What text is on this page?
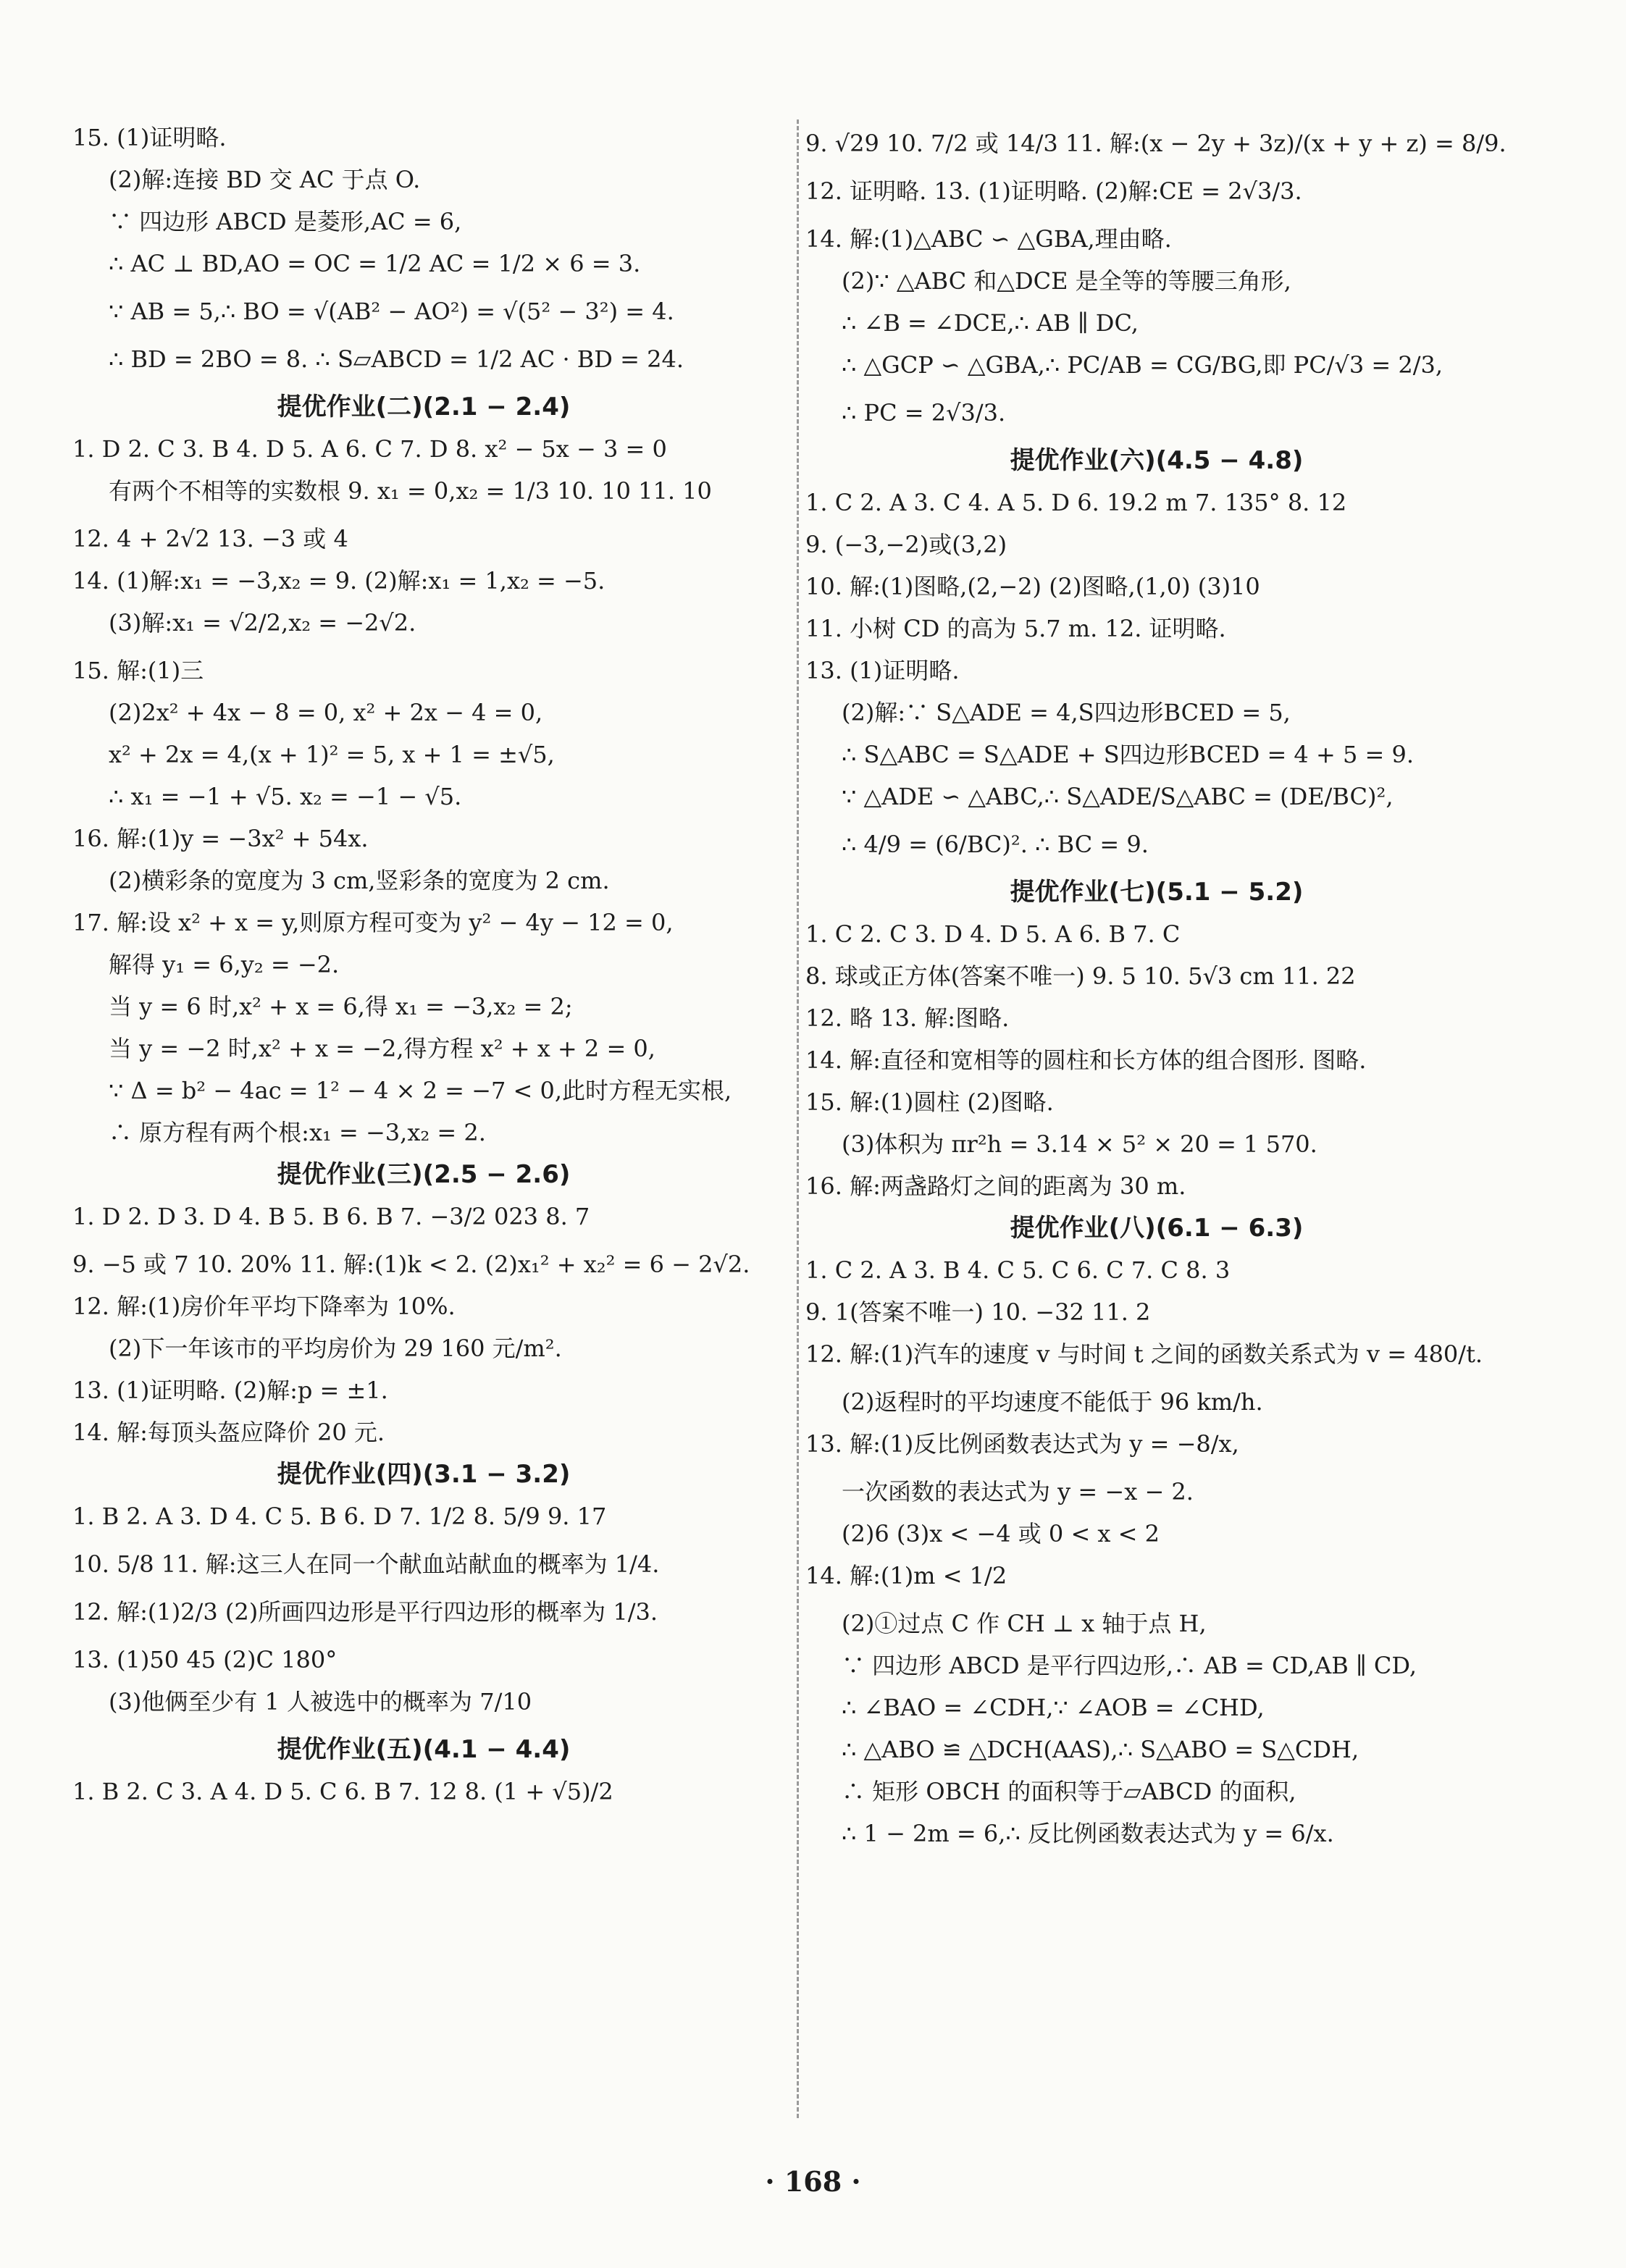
15. (1)证明略.
(2)解:连接 BD 交 AC 于点 O.
∵ 四边形 ABCD 是菱形,AC = 6,
∴ AC ⊥ BD,AO = OC = 1/2 AC = 1/2 × 6 = 3.
∵ AB = 5,∴ BO = √(AB² − AO²) = √(5² − 3²) = 4.
∴ BD = 2BO = 8. ∴ S▱ABCD = 1/2 AC · BD = 24.
提优作业(二)(2.1 − 2.4)
1. D 2. C 3. B 4. D 5. A 6. C 7. D 8. x² − 5x − 3 = 0
有两个不相等的实数根 9. x₁ = 0,x₂ = 1/3 10. 10 11. 10
12. 4 + 2√2 13. −3 或 4
14. (1)解:x₁ = −3,x₂ = 9. (2)解:x₁ = 1,x₂ = −5.
(3)解:x₁ = √2/2,x₂ = −2√2.
15. 解:(1)三
(2)2x² + 4x − 8 = 0, x² + 2x − 4 = 0,
x² + 2x = 4,(x + 1)² = 5, x + 1 = ±√5,
∴ x₁ = −1 + √5. x₂ = −1 − √5.
16. 解:(1)y = −3x² + 54x.
(2)横彩条的宽度为 3 cm,竖彩条的宽度为 2 cm.
17. 解:设 x² + x = y,则原方程可变为 y² − 4y − 12 = 0,
解得 y₁ = 6,y₂ = −2.
当 y = 6 时,x² + x = 6,得 x₁ = −3,x₂ = 2;
当 y = −2 时,x² + x = −2,得方程 x² + x + 2 = 0,
∵ Δ = b² − 4ac = 1² − 4 × 2 = −7 < 0,此时方程无实根,
∴ 原方程有两个根:x₁ = −3,x₂ = 2.
提优作业(三)(2.5 − 2.6)
1. D 2. D 3. D 4. B 5. B 6. B 7. −3/2 023 8. 7
9. −5 或 7 10. 20% 11. 解:(1)k < 2. (2)x₁² + x₂² = 6 − 2√2.
12. 解:(1)房价年平均下降率为 10%.
(2)下一年该市的平均房价为 29 160 元/m².
13. (1)证明略. (2)解:p = ±1.
14. 解:每顶头盔应降价 20 元.
提优作业(四)(3.1 − 3.2)
1. B 2. A 3. D 4. C 5. B 6. D 7. 1/2 8. 5/9 9. 17
10. 5/8 11. 解:这三人在同一个献血站献血的概率为 1/4.
12. 解:(1)2/3 (2)所画四边形是平行四边形的概率为 1/3.
13. (1)50 45 (2)C 180°
(3)他俩至少有 1 人被选中的概率为 7/10
提优作业(五)(4.1 − 4.4)
1. B 2. C 3. A 4. D 5. C 6. B 7. 12 8. (1 + √5)/2
9. √29 10. 7/2 或 14/3 11. 解:(x − 2y + 3z)/(x + y + z) = 8/9.
12. 证明略. 13. (1)证明略. (2)解:CE = 2√3/3.
14. 解:(1)△ABC ∽ △GBA,理由略.
(2)∵ △ABC 和△DCE 是全等的等腰三角形,
∴ ∠B = ∠DCE,∴ AB ∥ DC,
∴ △GCP ∽ △GBA,∴ PC/AB = CG/BG,即 PC/√3 = 2/3,
∴ PC = 2√3/3.
提优作业(六)(4.5 − 4.8)
1. C 2. A 3. C 4. A 5. D 6. 19.2 m 7. 135° 8. 12
9. (−3,−2)或(3,2)
10. 解:(1)图略,(2,−2) (2)图略,(1,0) (3)10
11. 小树 CD 的高为 5.7 m. 12. 证明略.
13. (1)证明略.
(2)解:∵ S△ADE = 4,S四边形BCED = 5,
∴ S△ABC = S△ADE + S四边形BCED = 4 + 5 = 9.
∵ △ADE ∽ △ABC,∴ S△ADE/S△ABC = (DE/BC)²,
∴ 4/9 = (6/BC)². ∴ BC = 9.
提优作业(七)(5.1 − 5.2)
1. C 2. C 3. D 4. D 5. A 6. B 7. C
8. 球或正方体(答案不唯一) 9. 5 10. 5√3 cm 11. 22
12. 略 13. 解:图略.
14. 解:直径和宽相等的圆柱和长方体的组合图形. 图略.
15. 解:(1)圆柱 (2)图略.
(3)体积为 πr²h = 3.14 × 5² × 20 = 1 570.
16. 解:两盏路灯之间的距离为 30 m.
提优作业(八)(6.1 − 6.3)
1. C 2. A 3. B 4. C 5. C 6. C 7. C 8. 3
9. 1(答案不唯一) 10. −32 11. 2
12. 解:(1)汽车的速度 v 与时间 t 之间的函数关系式为 v = 480/t.
(2)返程时的平均速度不能低于 96 km/h.
13. 解:(1)反比例函数表达式为 y = −8/x,
一次函数的表达式为 y = −x − 2.
(2)6 (3)x < −4 或 0 < x < 2
14. 解:(1)m < 1/2
(2)①过点 C 作 CH ⊥ x 轴于点 H,
∵ 四边形 ABCD 是平行四边形,∴ AB = CD,AB ∥ CD,
∴ ∠BAO = ∠CDH,∵ ∠AOB = ∠CHD,
∴ △ABO ≌ △DCH(AAS),∴ S△ABO = S△CDH,
∴ 矩形 OBCH 的面积等于▱ABCD 的面积,
∴ 1 − 2m = 6,∴ 反比例函数表达式为 y = 6/x.
· 168 ·
